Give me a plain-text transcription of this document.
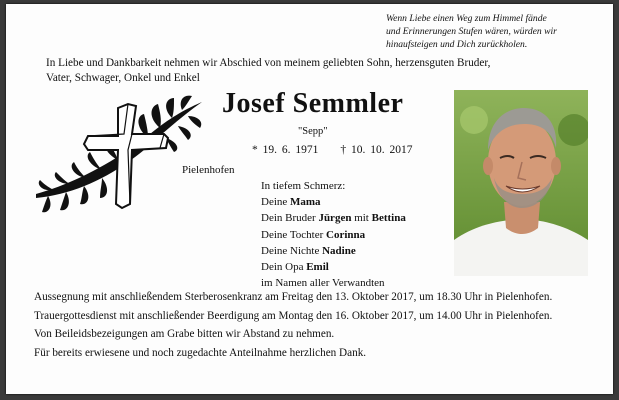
Wenn Liebe einen Weg zum Himmel fände
und Erinnerungen Stufen wären, würden wir
hinaufsteigen und Dich zurückholen.
In Liebe und Dankbarkeit nehmen wir Abschied von meinem geliebten Sohn, herzensguten Bruder,
Vater, Schwager, Onkel und Enkel
Josef Semmler
"Sepp"
* 19. 6. 1971 † 10. 10. 2017
Pielenhofen
In tiefem Schmerz:
Deine Mama
Dein Bruder Jürgen mit Bettina
Deine Tochter Corinna
Deine Nichte Nadine
Dein Opa Emil
im Namen aller Verwandten

Aussegnung mit anschließendem Sterberosenkranz am Freitag den 13. Oktober 2017, um 18.30 Uhr in Pielenhofen.

Trauergottesdienst mit anschließender Beerdigung am Montag den 16. Oktober 2017, um 14.00 Uhr in Pielenhofen.

Von Beileidsbezeigungen am Grabe bitten wir Abstand zu nehmen.

Für bereits erwiesene und noch zugedachte Anteilnahme herzlichen Dank.
